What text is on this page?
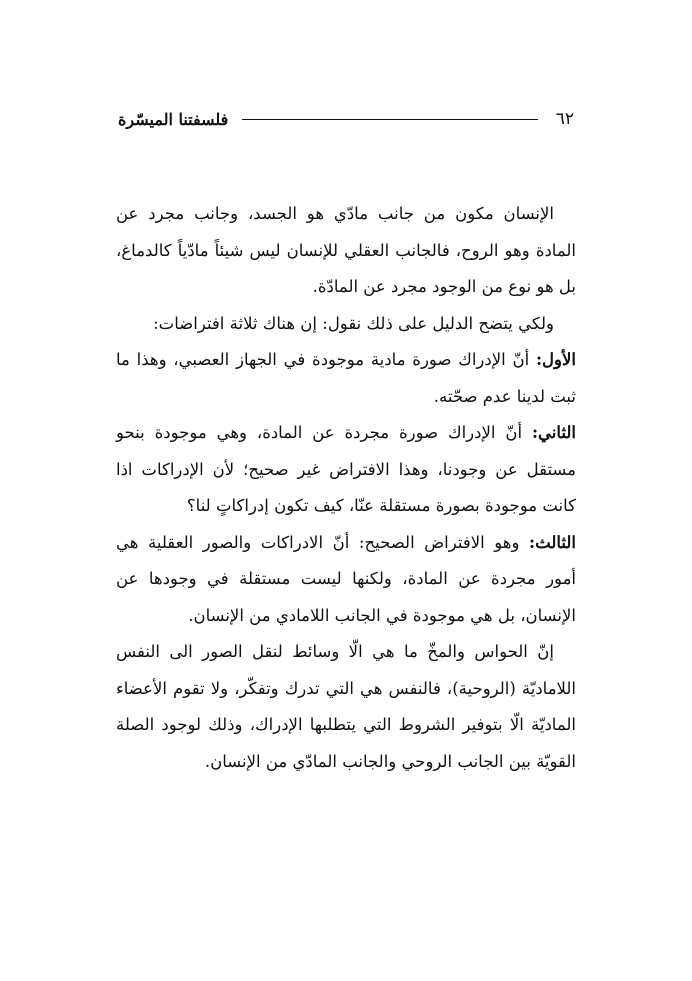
٦٢
فلسفتنا الميسّرة

الإنسان مكون من جانب مادّي هو الجسد، وجانب مجرد عن المادة وهو الروح، فالجانب العقلي للإنسان ليس شيئاً مادّياً كالدماغ، بل هو نوع من الوجود مجرد عن المادّة.

ولكي يتضح الدليل على ذلك نقول: إن هناك ثلاثة افتراضات:

الأول: أنّ الإدراك صورة مادية موجودة في الجهاز العصبي، وهذا ما ثبت لدينا عدم صحّته.

الثاني: أنّ الإدراك صورة مجردة عن المادة، وهي موجودة بنحو مستقل عن وجودنا، وهذا الافتراض غير صحيح؛ لأن الإدراكات اذا كانت موجودة بصورة مستقلة عنّا، كيف تكون إدراكاتٍ لنا؟

الثالث: وهو الافتراض الصحيح: أنّ الادراكات والصور العقلية هي أمور مجردة عن المادة، ولكنها ليست مستقلة في وجودها عن الإنسان، بل هي موجودة في الجانب اللامادي من الإنسان.

إنّ الحواس والمخّ ما هي الّا وسائط لنقل الصور الى النفس اللاماديّة (الروحية)، فالنفس هي التي تدرك وتفكّر، ولا تقوم الأعضاء الماديّة الّا بتوفير الشروط التي يتطلبها الإدراك، وذلك لوجود الصلة القويّة بين الجانب الروحي والجانب المادّي من الإنسان.
